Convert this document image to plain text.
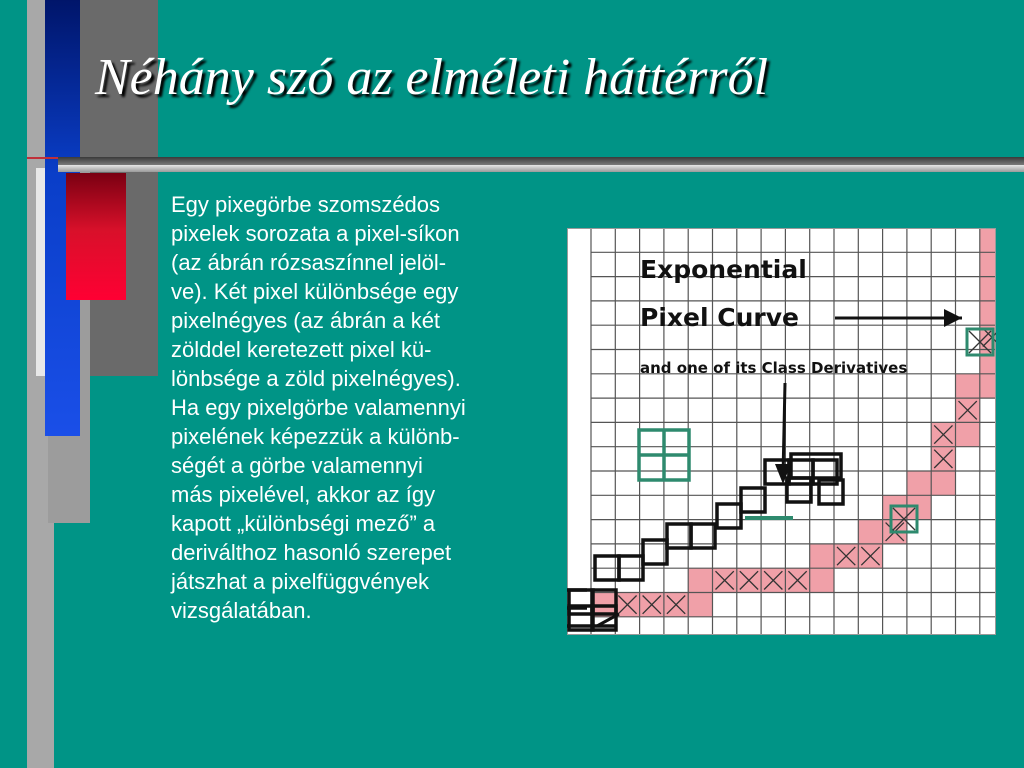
Néhány szó az elméleti háttérről
Egy pixegörbe szomszédos
pixelek sorozata a pixel-síkon
(az ábrán rózsaszínnel jelöl-
ve). Két pixel különbsége egy
pixelnégyes (az ábrán a két
zölddel keretezett pixel kü-
lönbsége a zöld pixelnégyes).
Ha egy pixelgörbe valamennyi
pixelének képezzük a különb-
ségét a görbe valamennyi
más pixelével, akkor az így
kapott „különbségi mező” a
deriválthoz hasonló szerepet
játszhat a pixelfüggvények
vizsgálatában.
Exponential
Pixel Curve
and one of its Class Derivatives
